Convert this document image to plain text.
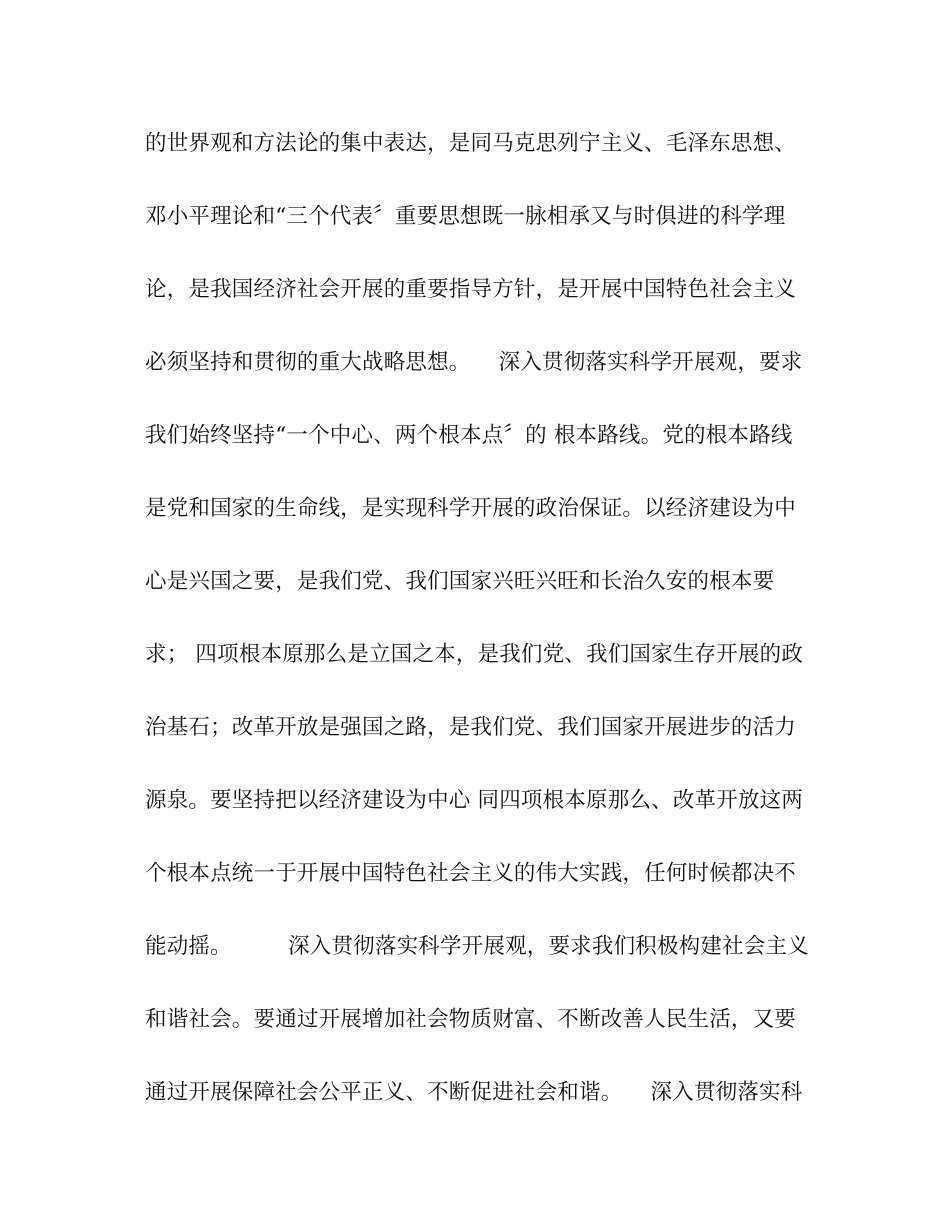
的世界观和方法论的集中表达，是同马克思列宁主义、毛泽东思想、
邓小平理论和“三个代表〞重要思想既一脉相承又与时俱进的科学理
论，是我国经济社会开展的重要指导方针，是开展中国特色社会主义
必须坚持和贯彻的重大战略思想。    深入贯彻落实科学开展观，要求
我们始终坚持“一个中心、两个根本点〞的 根本路线。党的根本路线
是党和国家的生命线，是实现科学开展的政治保证。以经济建设为中
心是兴国之要，是我们党、我们国家兴旺兴旺和长治久安的根本要
求； 四项根本原那么是立国之本，是我们党、我们国家生存开展的政
治基石；改革开放是强国之路，是我们党、我们国家开展进步的活力
源泉。要坚持把以经济建设为中心 同四项根本原那么、改革开放这两
个根本点统一于开展中国特色社会主义的伟大实践，任何时候都决不
能动摇。        深入贯彻落实科学开展观，要求我们积极构建社会主义
和谐社会。要通过开展增加社会物质财富、不断改善人民生活，又要
通过开展保障社会公平正义、不断促进社会和谐。    深入贯彻落实科
